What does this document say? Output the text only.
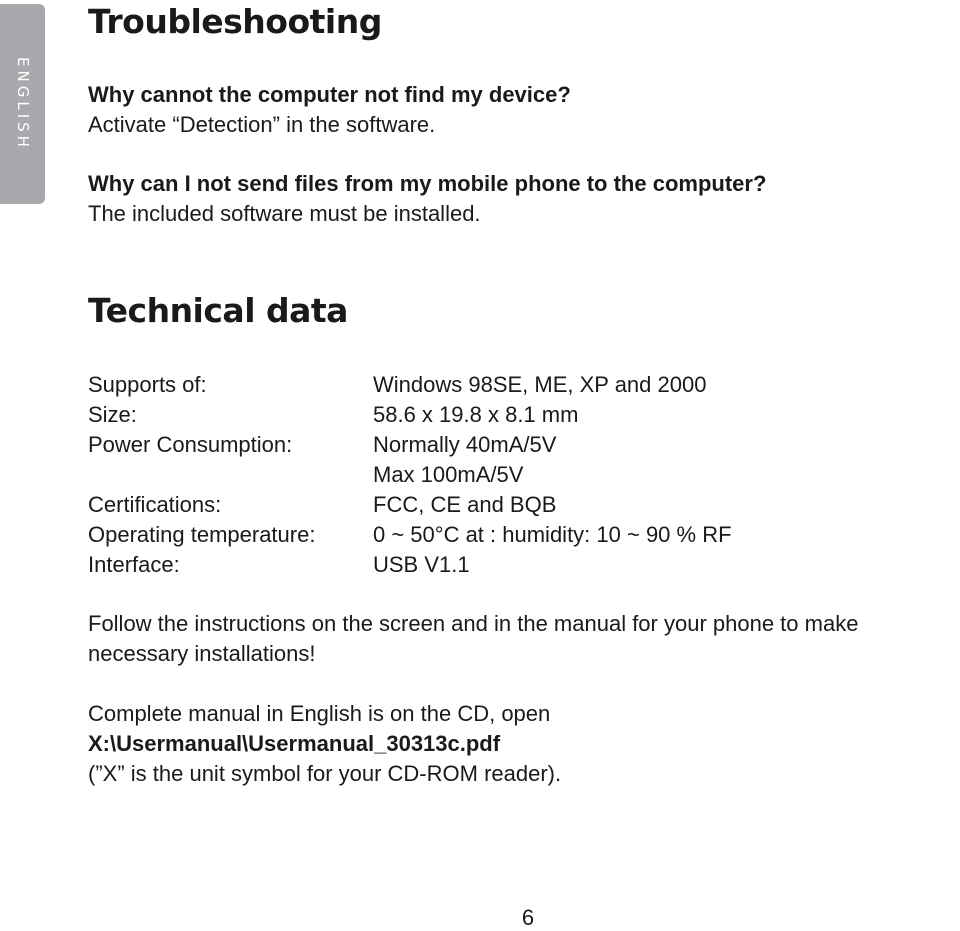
ENGLISH
Troubleshooting
Why cannot the computer not find my device?
Activate “Detection” in the software.
Why can I not send files from my mobile phone to the computer?
The included software must be installed.
Technical data
Supports of:	Windows 98SE, ME, XP and 2000
Size:	58.6 x 19.8 x 8.1 mm
Power Consumption:	Normally 40mA/5V
Max 100mA/5V
Certifications:	FCC, CE and BQB
Operating temperature:	0 ~ 50°C at : humidity: 10 ~ 90 % RF
Interface:	USB V1.1
Follow the instructions on the screen and in the manual for your phone to make
necessary installations!
Complete manual in English is on the CD, open
X:\Usermanual\Usermanual_30313c.pdf
(”X” is the unit symbol for your CD-ROM reader).
6
